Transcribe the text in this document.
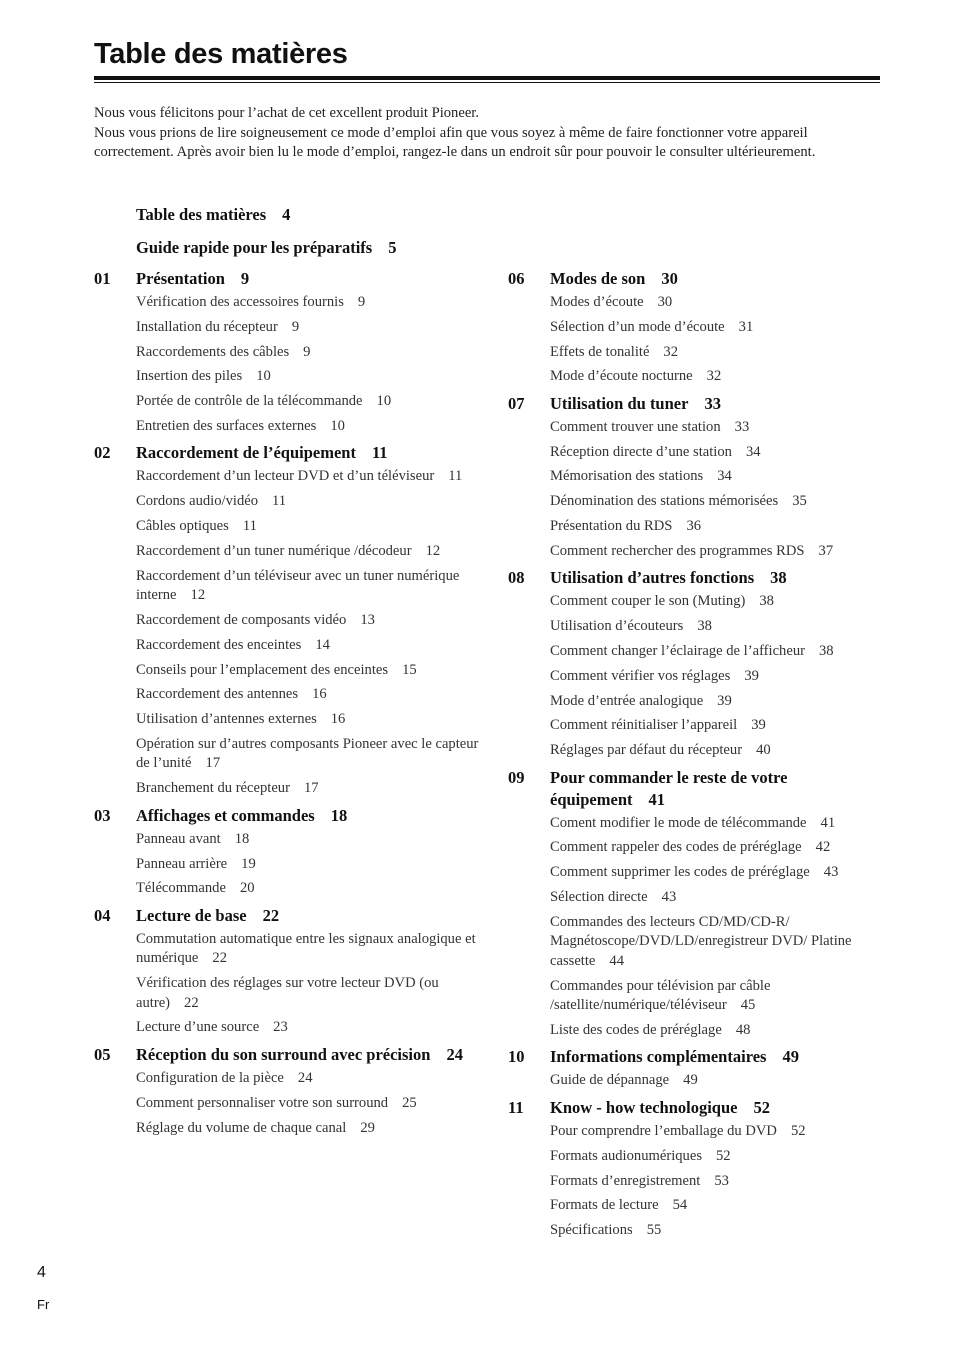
Table des matières

Nous vous félicitons pour l’achat de cet excellent produit Pioneer.

Nous vous prions de lire soigneusement ce mode d’emploi afin que vous soyez à même de faire fonctionner votre appareil correctement. Après avoir bien lu le mode d’emploi, rangez-le dans un endroit sûr pour pouvoir le consulter ultérieurement.

Table des matières 4
Guide rapide pour les préparatifs 5
01	Présentation 9
Vérification des accessoires fournis 9
Installation du récepteur 9
Raccordements des câbles 9
Insertion des piles 10
Portée de contrôle de la télécommande 10
Entretien des surfaces externes 10
02	Raccordement de l’équipement 11
Raccordement d’un lecteur DVD et d’un téléviseur 11
Cordons audio/vidéo 11
Câbles optiques 11
Raccordement d’un tuner numérique /décodeur 12
Raccordement d’un téléviseur avec un tuner numérique interne 12
Raccordement de composants vidéo 13
Raccordement des enceintes 14
Conseils pour l’emplacement des enceintes 15
Raccordement des antennes 16
Utilisation d’antennes externes 16
Opération sur d’autres composants Pioneer avec le capteur de l’unité 17
Branchement du récepteur 17
03	Affichages et commandes 18
Panneau avant 18
Panneau arrière 19
Télécommande 20
04	Lecture de base 22
Commutation automatique entre les signaux analogique et numérique 22
Vérification des réglages sur votre lecteur DVD (ou autre) 22
Lecture d’une source 23
05	Réception du son surround avec précision 24
Configuration de la pièce 24
Comment personnaliser votre son surround 25
Réglage du volume de chaque canal 29
06	Modes de son 30
Modes d’écoute 30
Sélection d’un mode d’écoute 31
Effets de tonalité 32
Mode d’écoute nocturne 32
07	Utilisation du tuner 33
Comment trouver une station 33
Réception directe d’une station 34
Mémorisation des stations 34
Dénomination des stations mémorisées 35
Présentation du RDS 36
Comment rechercher des programmes RDS 37
08	Utilisation d’autres fonctions 38
Comment couper le son (Muting) 38
Utilisation d’écouteurs 38
Comment changer l’éclairage de l’afficheur 38
Comment vérifier vos réglages 39
Mode d’entrée analogique 39
Comment réinitialiser l’appareil 39
Réglages par défaut du récepteur 40
09	Pour commander le reste de votre équipement 41
Coment modifier le mode de télécommande 41
Comment rappeler des codes de préréglage 42
Comment supprimer les codes de préréglage 43
Sélection directe 43
Commandes des lecteurs CD/MD/CD-R/ Magnétoscope/DVD/LD/enregistreur DVD/ Platine cassette 44
Commandes pour télévision par câble /satellite/numérique/téléviseur 45
Liste des codes de préréglage 48
10	Informations complémentaires 49
Guide de dépannage 49
11	Know - how technologique 52
Pour comprendre l’emballage du DVD 52
Formats audionumériques 52
Formats d’enregistrement 53
Formats de lecture 54
Spécifications 55
4
Fr
